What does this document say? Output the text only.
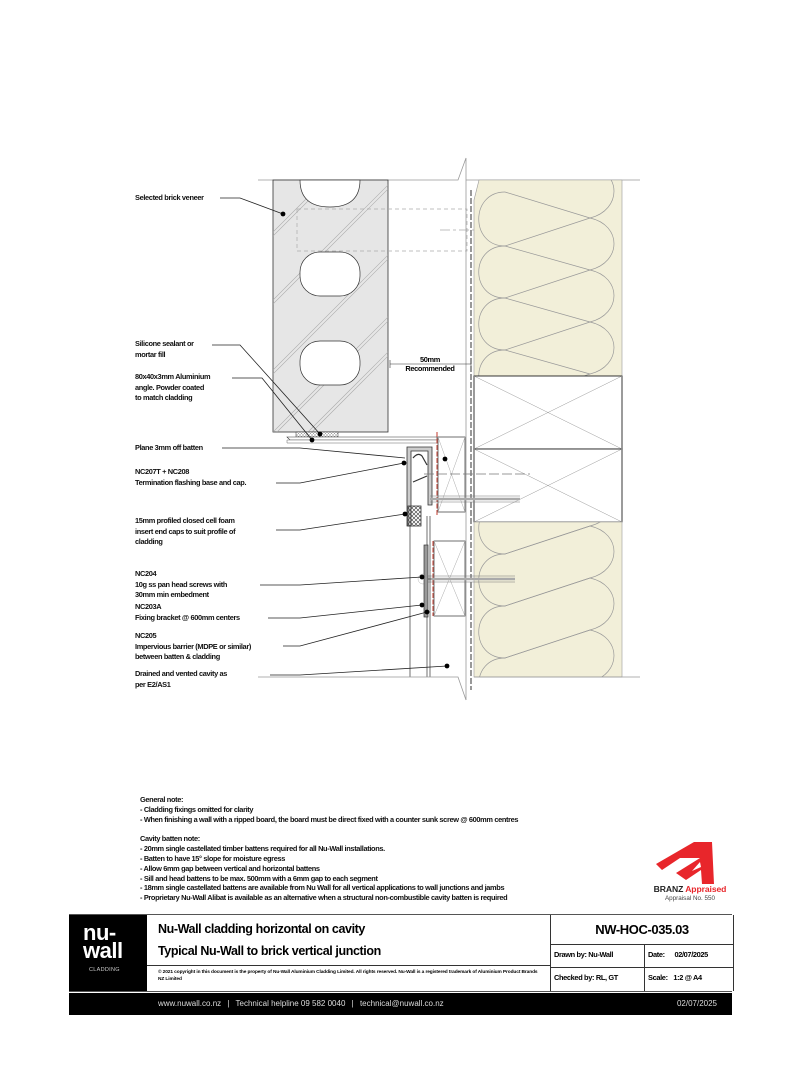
50mm
Recommended
Selected brick veneer
Silicone sealant or
mortar fill
80x40x3mm Aluminium
angle. Powder coated
to match cladding
Plane 3mm off batten
NC207T + NC208
Termination flashing base and cap.
15mm profiled closed cell foam
insert end caps to suit profile of
cladding
NC204
10g ss pan head screws with
30mm min embedment
NC203A
Fixing bracket @ 600mm centers
NC205
Impervious barrier (MDPE or similar)
between batten & cladding
Drained and vented cavity as
per E2/AS1
General note:
- Cladding fixings omitted for clarity
- When finishing a wall with a ripped board, the board must be direct fixed with a counter sunk screw @ 600mm centres
Cavity batten note:
- 20mm single castellated timber battens required for all Nu-Wall installations.
- Batten to have 15° slope for moisture egress
- Allow 6mm gap between vertical and horizontal battens
- Sill and head battens to be max. 500mm with a 6mm gap to each segment
- 18mm single castellated battens are available from Nu Wall for all vertical applications to wall junctions and jambs
- Proprietary Nu-Wall Alibat is available as an alternative when a structural non-combustible cavity batten is required
BRANZ Appraised
Appraisal No. 550
nu-
wall
CLADDING
Nu-Wall cladding horizontal on cavity
Typical Nu-Wall to brick vertical junction
© 2021 copyright in this document is the property of Nu-Wall Aluminium Cladding Limited. All rights reserved. Nu-Wall is a registered trademark of Aluminium Product Brands NZ Limited
NW-HOC-035.03
Drawn by: Nu-Wall	Date: 02/07/2025
Checked by: RL, GT	Scale: 1:2 @ A4
www.nuwall.co.nz | Technical helpline 09 582 0040 | technical@nuwall.co.nz	02/07/2025
